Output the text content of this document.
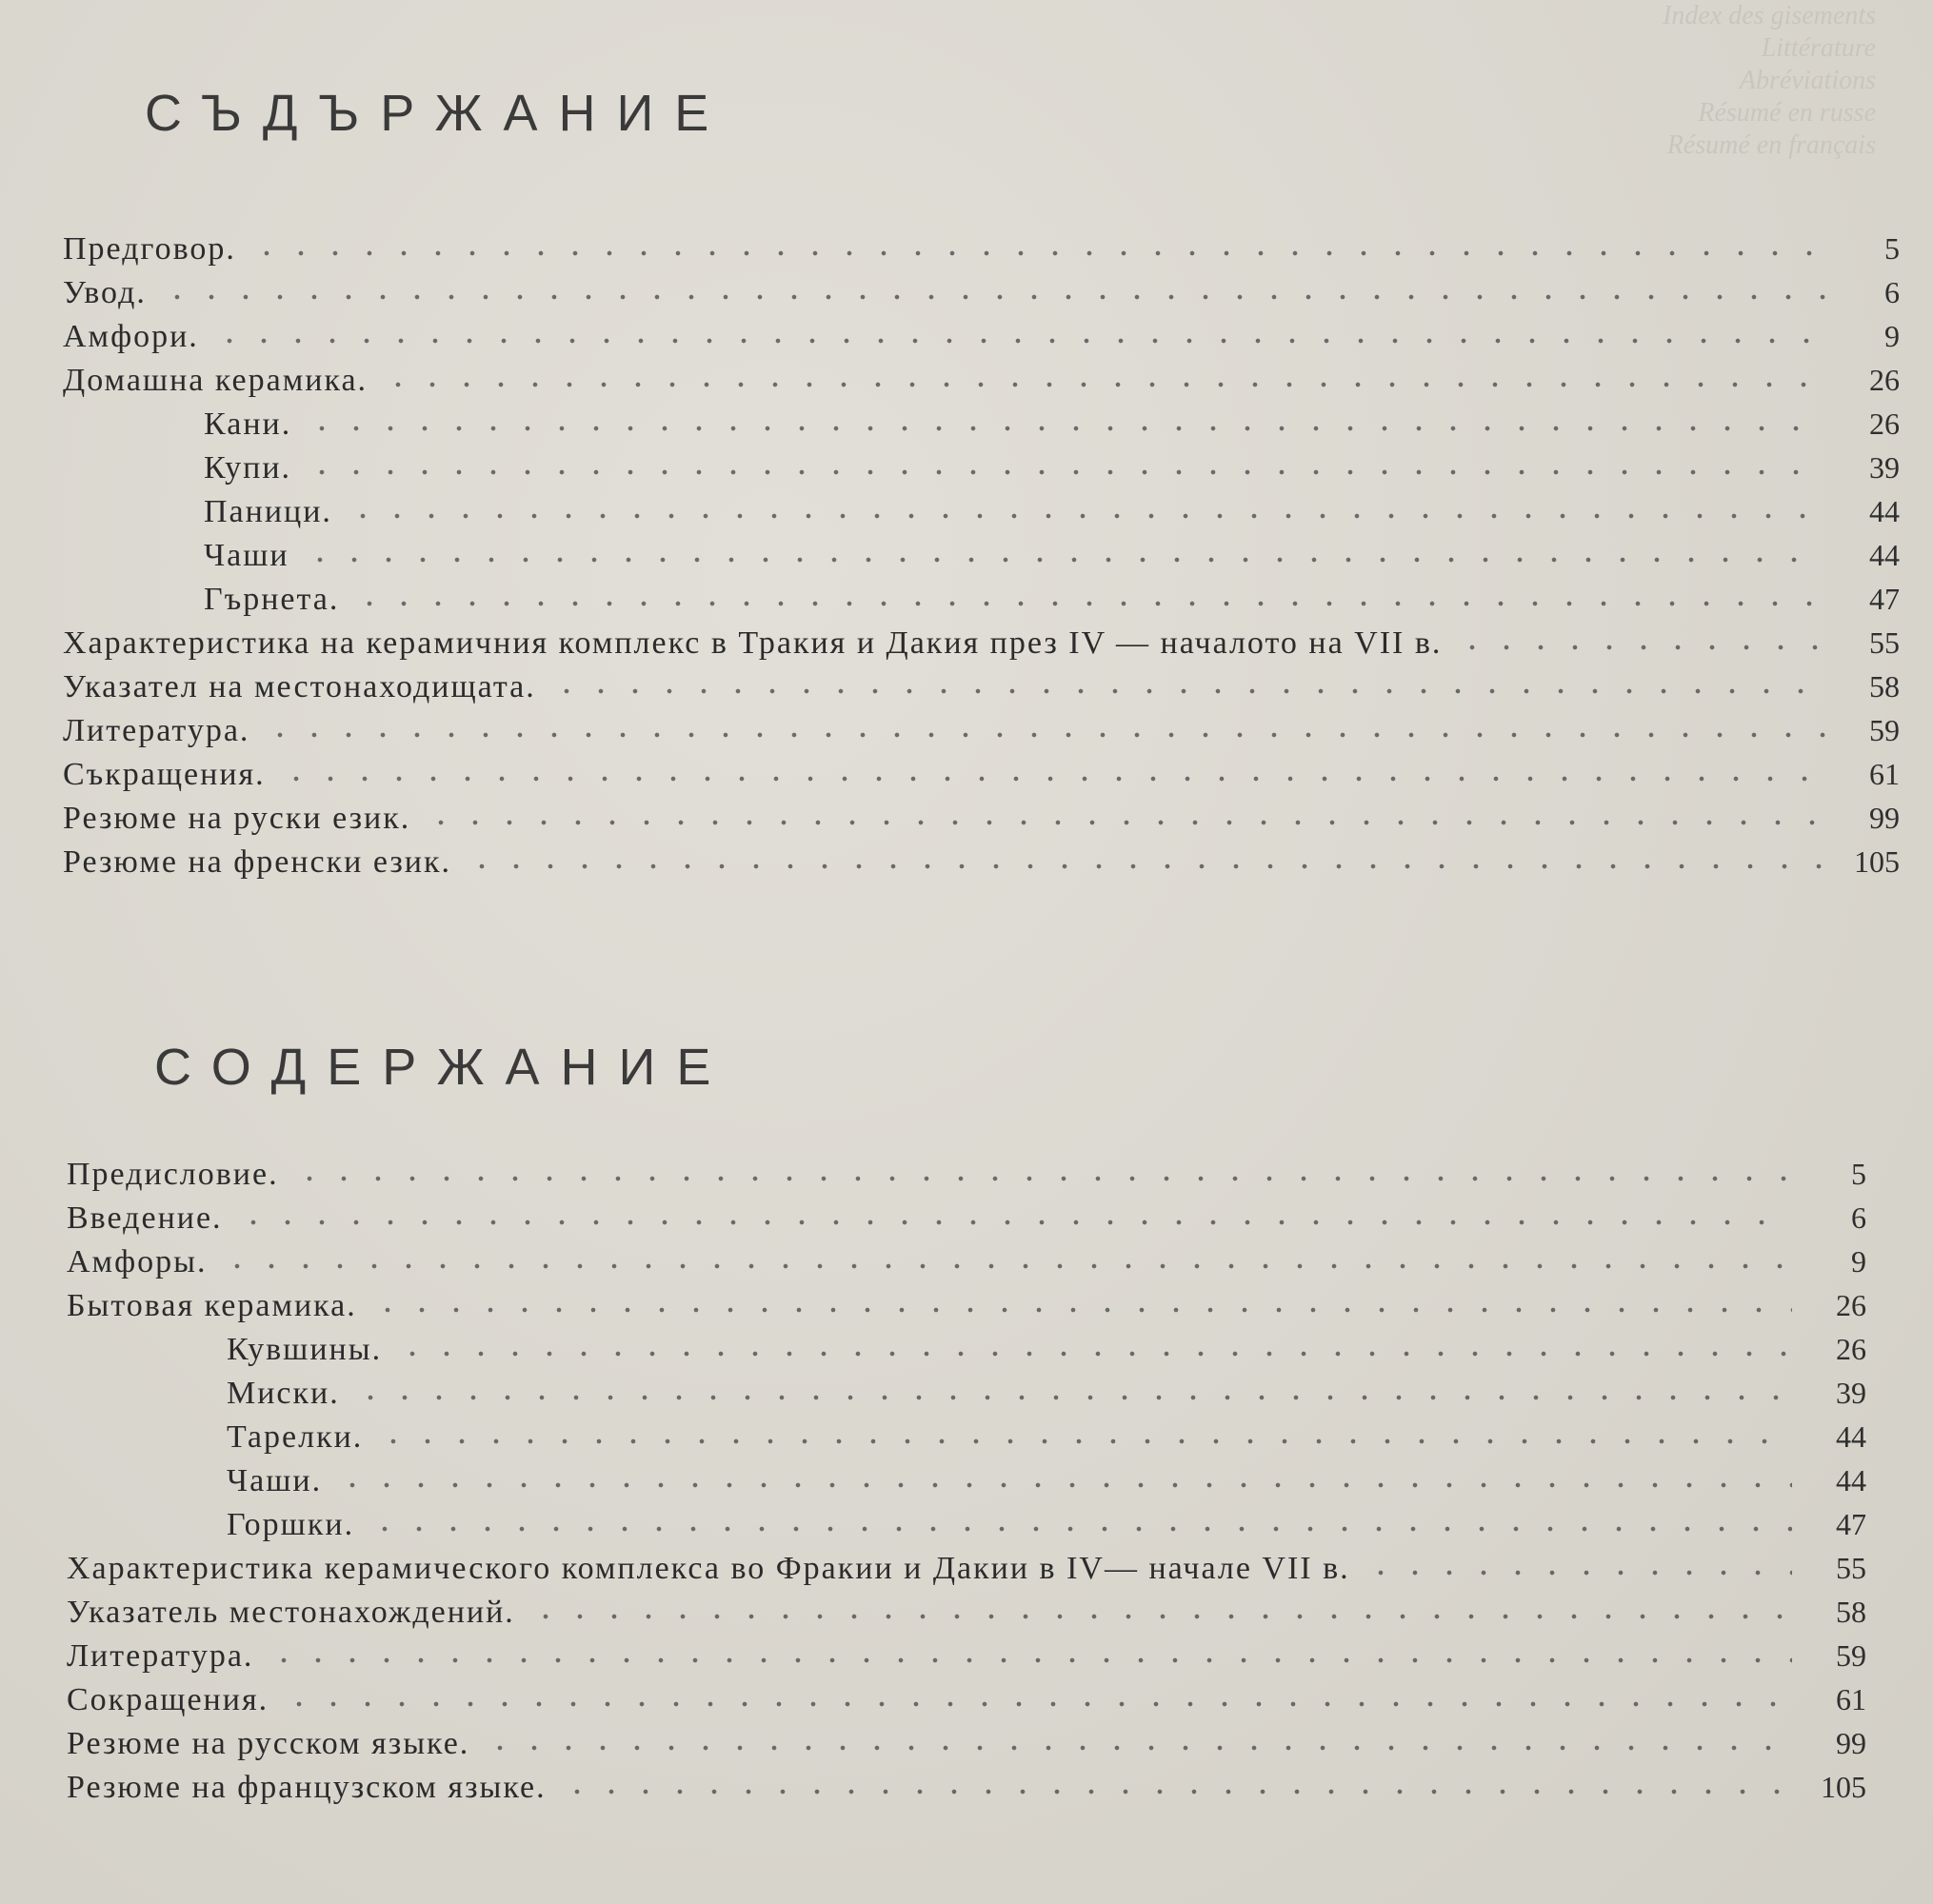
Index des gisements
Littérature
Abréviations
Résumé en russe
Résumé en français
СЪДЪРЖАНИЕ
Предговор.	5
Увод.	6
Амфори.	9
Домашна керамика.	26
Кани.	26
Купи.	39
Паници.	44
Чаши	44
Гърнета.	47
Характеристика на керамичния комплекс в Тракия и Дакия през IV — началото на VII в.	55
Указател на местонаходищата.	58
Литература.	59
Съкращения.	61
Резюме на руски език.	99
Резюме на френски език.	105
СОДЕРЖАНИЕ
Предисловие.	5
Введение.	6
Амфоры.	9
Бытовая керамика.	26
Кувшины.	26
Миски.	39
Тарелки.	44
Чаши.	44
Горшки.	47
Характеристика керамического комплекса во Фракии и Дакии в IV— начале VII в.	55
Указатель местонахождений.	58
Литература.	59
Сокращения.	61
Резюме на русском языке.	99
Резюме на французском языке.	105
